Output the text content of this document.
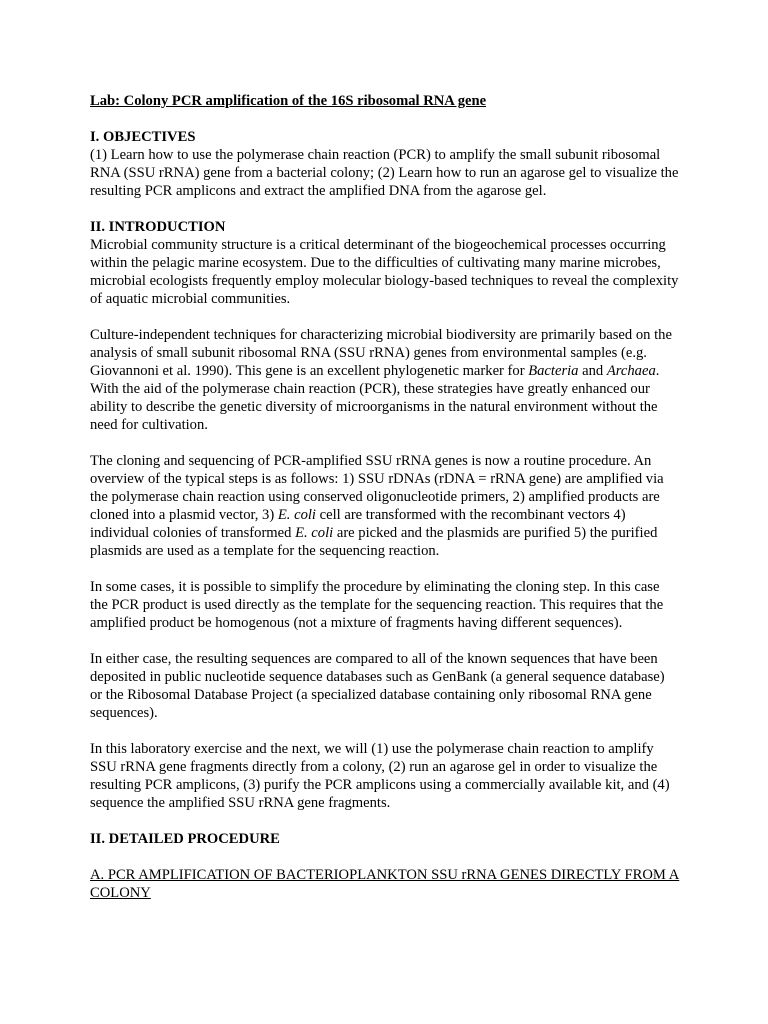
Lab: Colony PCR amplification of the 16S ribosomal RNA gene

I. OBJECTIVES

(1) Learn how to use the polymerase chain reaction (PCR) to amplify the small subunit ribosomal RNA (SSU rRNA) gene from a bacterial colony; (2) Learn how to run an agarose gel to visualize the resulting PCR amplicons and extract the amplified DNA from the agarose gel.

II. INTRODUCTION

Microbial community structure is a critical determinant of the biogeochemical processes occurring within the pelagic marine ecosystem. Due to the difficulties of cultivating many marine microbes, microbial ecologists frequently employ molecular biology-based techniques to reveal the complexity of aquatic microbial communities.

Culture-independent techniques for characterizing microbial biodiversity are primarily based on the analysis of small subunit ribosomal RNA (SSU rRNA) genes from environmental samples (e.g. Giovannoni et al. 1990). This gene is an excellent phylogenetic marker for Bacteria and Archaea. With the aid of the polymerase chain reaction (PCR), these strategies have greatly enhanced our ability to describe the genetic diversity of microorganisms in the natural environment without the need for cultivation.

The cloning and sequencing of PCR-amplified SSU rRNA genes is now a routine procedure. An overview of the typical steps is as follows: 1) SSU rDNAs (rDNA = rRNA gene) are amplified via the polymerase chain reaction using conserved oligonucleotide primers, 2) amplified products are cloned into a plasmid vector, 3) E. coli cell are transformed with the recombinant vectors 4) individual colonies of transformed E. coli are picked and the plasmids are purified 5) the purified plasmids are used as a template for the sequencing reaction.

In some cases, it is possible to simplify the procedure by eliminating the cloning step. In this case the PCR product is used directly as the template for the sequencing reaction. This requires that the amplified product be homogenous (not a mixture of fragments having different sequences).

In either case, the resulting sequences are compared to all of the known sequences that have been deposited in public nucleotide sequence databases such as GenBank (a general sequence database) or the Ribosomal Database Project (a specialized database containing only ribosomal RNA gene sequences).

In this laboratory exercise and the next, we will (1) use the polymerase chain reaction to amplify SSU rRNA gene fragments directly from a colony, (2) run an agarose gel in order to visualize the resulting PCR amplicons, (3) purify the PCR amplicons using a commercially available kit, and (4) sequence the amplified SSU rRNA gene fragments.

II. DETAILED PROCEDURE

A. PCR AMPLIFICATION OF BACTERIOPLANKTON SSU rRNA GENES DIRECTLY FROM A COLONY
